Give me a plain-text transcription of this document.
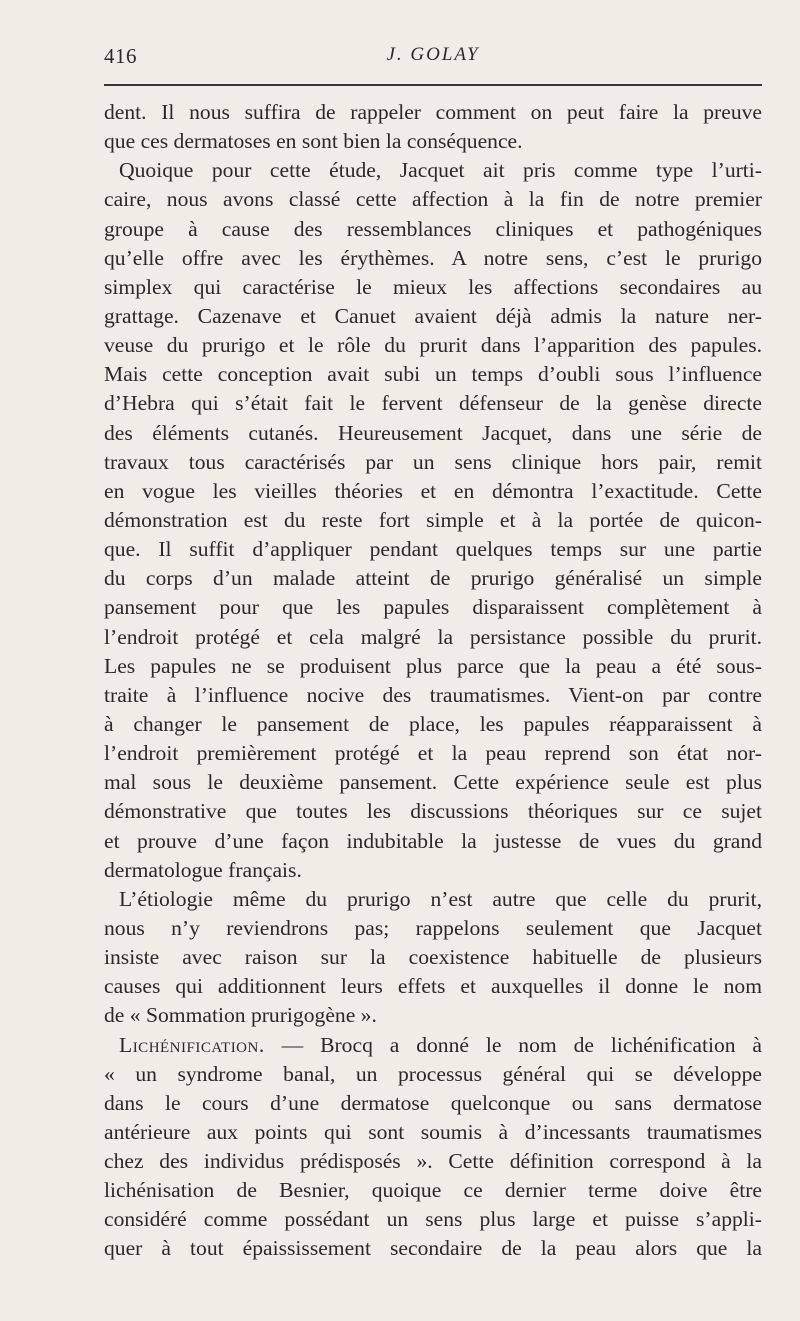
416	J. GOLAY
dent. Il nous suffira de rappeler comment on peut faire la preuve
que ces dermatoses en sont bien la conséquence.
Quoique pour cette étude, Jacquet ait pris comme type l’urti-
caire, nous avons classé cette affection à la fin de notre premier
groupe à cause des ressemblances cliniques et pathogéniques
qu’elle offre avec les érythèmes. A notre sens, c’est le prurigo
simplex qui caractérise le mieux les affections secondaires au
grattage. Cazenave et Canuet avaient déjà admis la nature ner-
veuse du prurigo et le rôle du prurit dans l’apparition des papules.
Mais cette conception avait subi un temps d’oubli sous l’influence
d’Hebra qui s’était fait le fervent défenseur de la genèse directe
des éléments cutanés. Heureusement Jacquet, dans une série de
travaux tous caractérisés par un sens clinique hors pair, remit
en vogue les vieilles théories et en démontra l’exactitude. Cette
démonstration est du reste fort simple et à la portée de quicon-
que. Il suffit d’appliquer pendant quelques temps sur une partie
du corps d’un malade atteint de prurigo généralisé un simple
pansement pour que les papules disparaissent complètement à
l’endroit protégé et cela malgré la persistance possible du prurit.
Les papules ne se produisent plus parce que la peau a été sous-
traite à l’influence nocive des traumatismes. Vient-on par contre
à changer le pansement de place, les papules réapparaissent à
l’endroit premièrement protégé et la peau reprend son état nor-
mal sous le deuxième pansement. Cette expérience seule est plus
démonstrative que toutes les discussions théoriques sur ce sujet
et prouve d’une façon indubitable la justesse de vues du grand
dermatologue français.
L’étiologie même du prurigo n’est autre que celle du prurit,
nous n’y reviendrons pas; rappelons seulement que Jacquet
insiste avec raison sur la coexistence habituelle de plusieurs
causes qui additionnent leurs effets et auxquelles il donne le nom
de « Sommation prurigogène ».
Lichénification. — Brocq a donné le nom de lichénification à
« un syndrome banal, un processus général qui se développe
dans le cours d’une dermatose quelconque ou sans dermatose
antérieure aux points qui sont soumis à d’incessants traumatismes
chez des individus prédisposés ». Cette définition correspond à la
lichénisation de Besnier, quoique ce dernier terme doive être
considéré comme possédant un sens plus large et puisse s’appli-
quer à tout épaississement secondaire de la peau alors que la
